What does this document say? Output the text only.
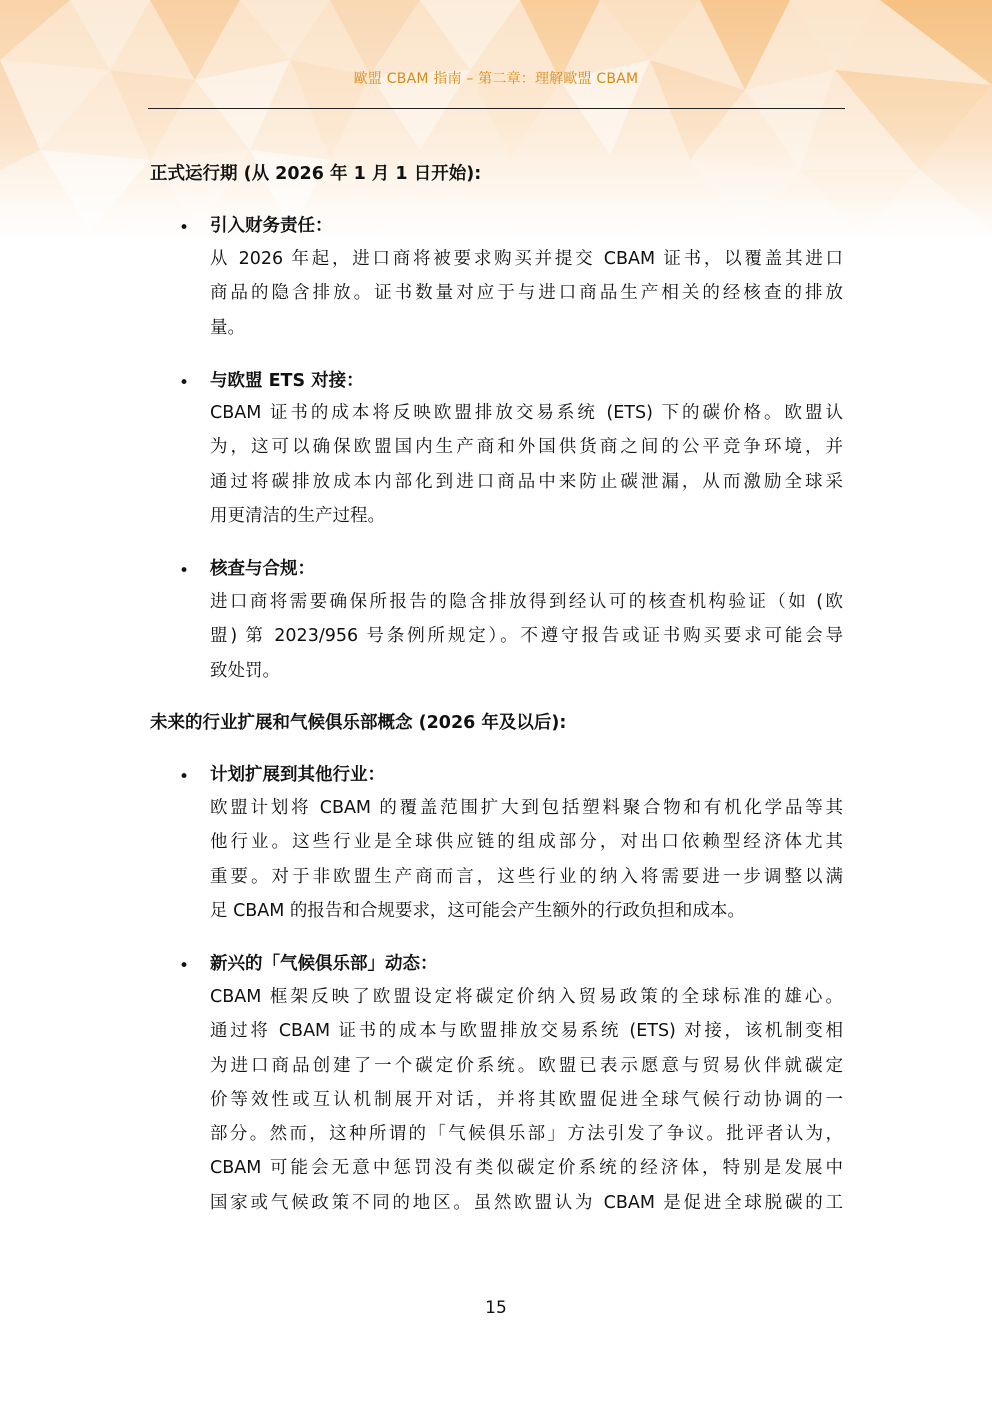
歐盟 CBAM 指南 – 第二章：理解歐盟 CBAM
正式运行期 (从 2026 年 1 月 1 日开始):
• 引入财务责任：
从 2026 年起，进口商将被要求购买并提交 CBAM 证书，以覆盖其进口
商品的隐含排放。证书数量对应于与进口商品生产相关的经核查的排放
量。
• 与欧盟 ETS 对接：
CBAM 证书的成本将反映欧盟排放交易系统 (ETS) 下的碳价格。欧盟认
为，这可以确保欧盟国内生产商和外国供货商之间的公平竞争环境，并
通过将碳排放成本内部化到进口商品中来防止碳泄漏，从而激励全球采
用更清洁的生产过程。
• 核查与合规：
进口商将需要确保所报告的隐含排放得到经认可的核查机构验证（如 (欧
盟) 第 2023/956 号条例所规定）。不遵守报告或证书购买要求可能会导
致处罚。
未来的行业扩展和气候俱乐部概念 (2026 年及以后):
• 计划扩展到其他行业：
欧盟计划将 CBAM 的覆盖范围扩大到包括塑料聚合物和有机化学品等其
他行业。这些行业是全球供应链的组成部分，对出口依赖型经济体尤其
重要。对于非欧盟生产商而言，这些行业的纳入将需要进一步调整以满
足 CBAM 的报告和合规要求，这可能会产生额外的行政负担和成本。
• 新兴的「气候俱乐部」动态：
CBAM 框架反映了欧盟设定将碳定价纳入贸易政策的全球标准的雄心。
通过将 CBAM 证书的成本与欧盟排放交易系统 (ETS) 对接，该机制变相
为进口商品创建了一个碳定价系统。欧盟已表示愿意与贸易伙伴就碳定
价等效性或互认机制展开对话，并将其欧盟促进全球气候行动协调的一
部分。然而，这种所谓的「气候俱乐部」方法引发了争议。批评者认为，
CBAM 可能会无意中惩罚没有类似碳定价系统的经济体，特别是发展中
国家或气候政策不同的地区。虽然欧盟认为 CBAM 是促进全球脱碳的工
15
